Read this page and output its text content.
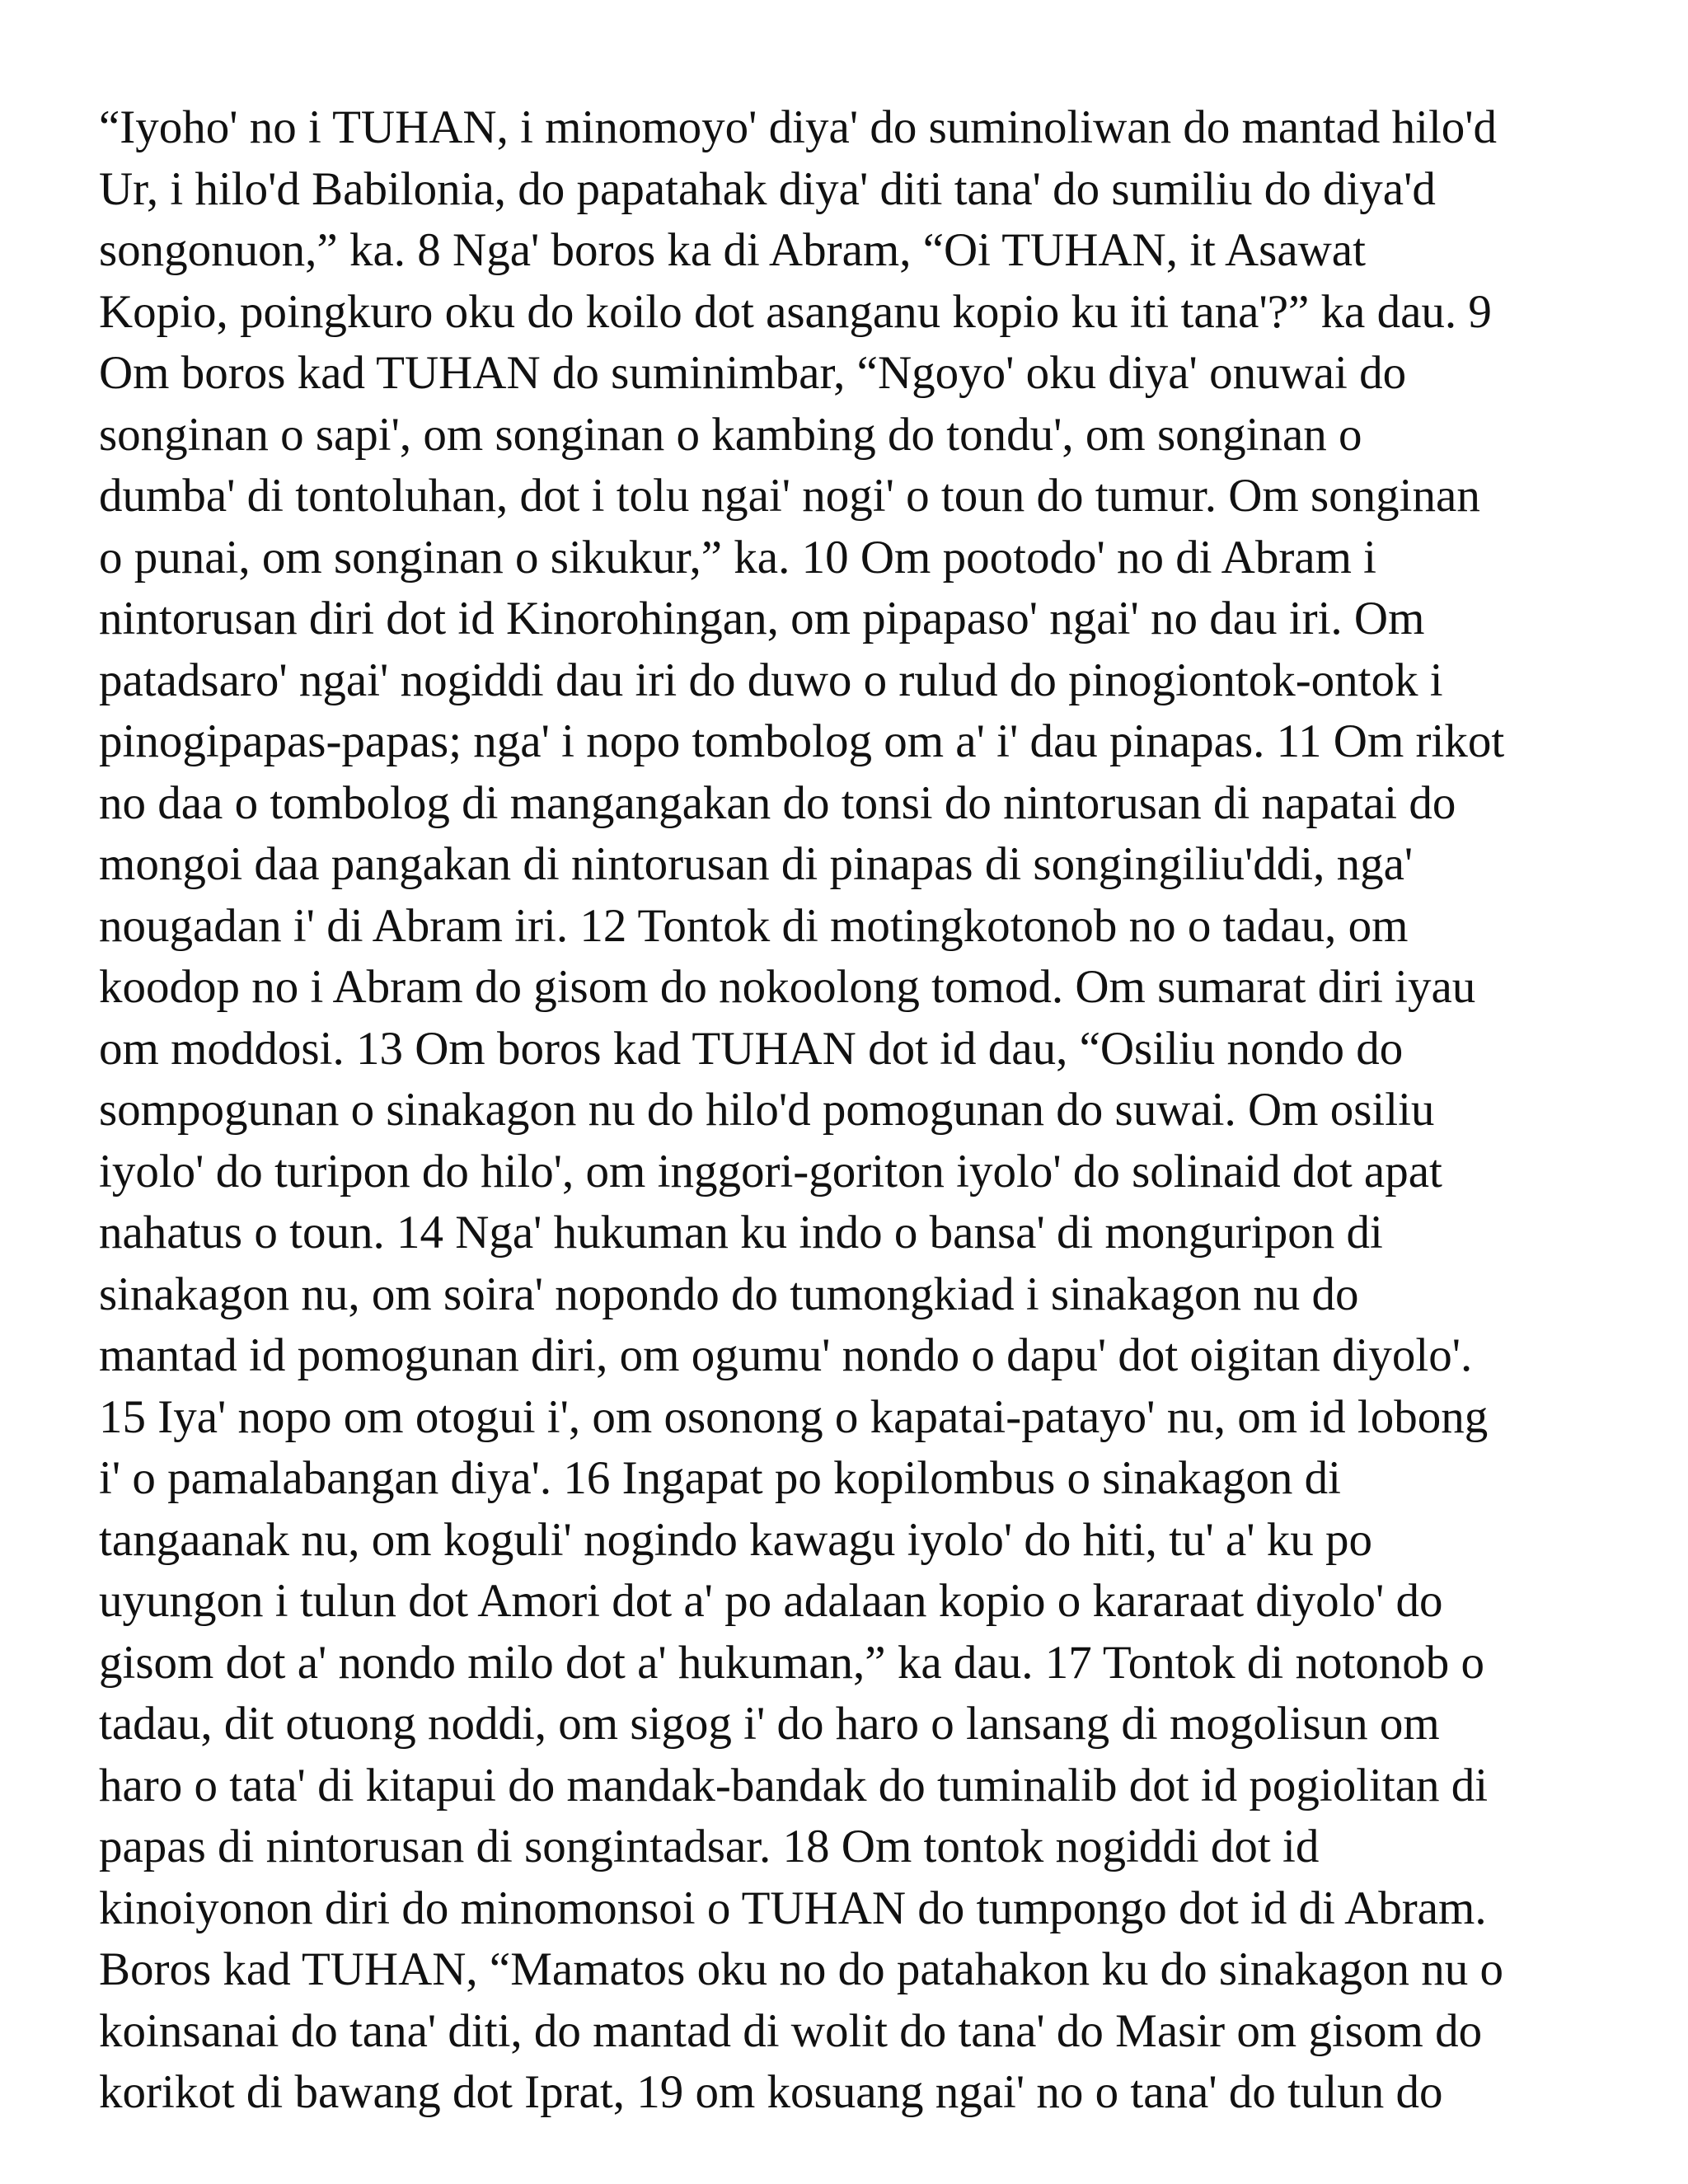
“Iyoho' no i TUHAN, i minomoyo' diya' do suminoliwan do mantad hilo'd
Ur, i hilo'd Babilonia, do papatahak diya' diti tana' do sumiliu do diya'd
songonuon,” ka. 8 Nga' boros ka di Abram, “Oi TUHAN, it Asawat
Kopio, poingkuro oku do koilo dot asanganu kopio ku iti tana'?” ka dau. 9
Om boros kad TUHAN do suminimbar, “Ngoyo' oku diya' onuwai do
songinan o sapi', om songinan o kambing do tondu', om songinan o
dumba' di tontoluhan, dot i tolu ngai' nogi' o toun do tumur. Om songinan
o punai, om songinan o sikukur,” ka. 10 Om pootodo' no di Abram i
nintorusan diri dot id Kinorohingan, om pipapaso' ngai' no dau iri. Om
patadsaro' ngai' nogiddi dau iri do duwo o rulud do pinogiontok-ontok i
pinogipapas-papas; nga' i nopo tombolog om a' i' dau pinapas. 11 Om rikot
no daa o tombolog di mangangakan do tonsi do nintorusan di napatai do
mongoi daa pangakan di nintorusan di pinapas di songingiliu'ddi, nga'
nougadan i' di Abram iri. 12 Tontok di motingkotonob no o tadau, om
koodop no i Abram do gisom do nokoolong tomod. Om sumarat diri iyau
om moddosi. 13 Om boros kad TUHAN dot id dau, “Osiliu nondo do
sompogunan o sinakagon nu do hilo'd pomogunan do suwai. Om osiliu
iyolo' do turipon do hilo', om inggori-goriton iyolo' do solinaid dot apat
nahatus o toun. 14 Nga' hukuman ku indo o bansa' di monguripon di
sinakagon nu, om soira' nopondo do tumongkiad i sinakagon nu do
mantad id pomogunan diri, om ogumu' nondo o dapu' dot oigitan diyolo'.
15 Iya' nopo om otogui i', om osonong o kapatai-patayo' nu, om id lobong
i' o pamalabangan diya'. 16 Ingapat po kopilombus o sinakagon di
tangaanak nu, om koguli' nogindo kawagu iyolo' do hiti, tu' a' ku po
uyungon i tulun dot Amori dot a' po adalaan kopio o kararaat diyolo' do
gisom dot a' nondo milo dot a' hukuman,” ka dau. 17 Tontok di notonob o
tadau, dit otuong noddi, om sigog i' do haro o lansang di mogolisun om
haro o tata' di kitapui do mandak-bandak do tuminalib dot id pogiolitan di
papas di nintorusan di songintadsar. 18 Om tontok nogiddi dot id
kinoiyonon diri do minomonsoi o TUHAN do tumpongo dot id di Abram.
Boros kad TUHAN, “Mamatos oku no do patahakon ku do sinakagon nu o
koinsanai do tana' diti, do mantad di wolit do tana' do Masir om gisom do
korikot di bawang dot Iprat, 19 om kosuang ngai' no o tana' do tulun do
